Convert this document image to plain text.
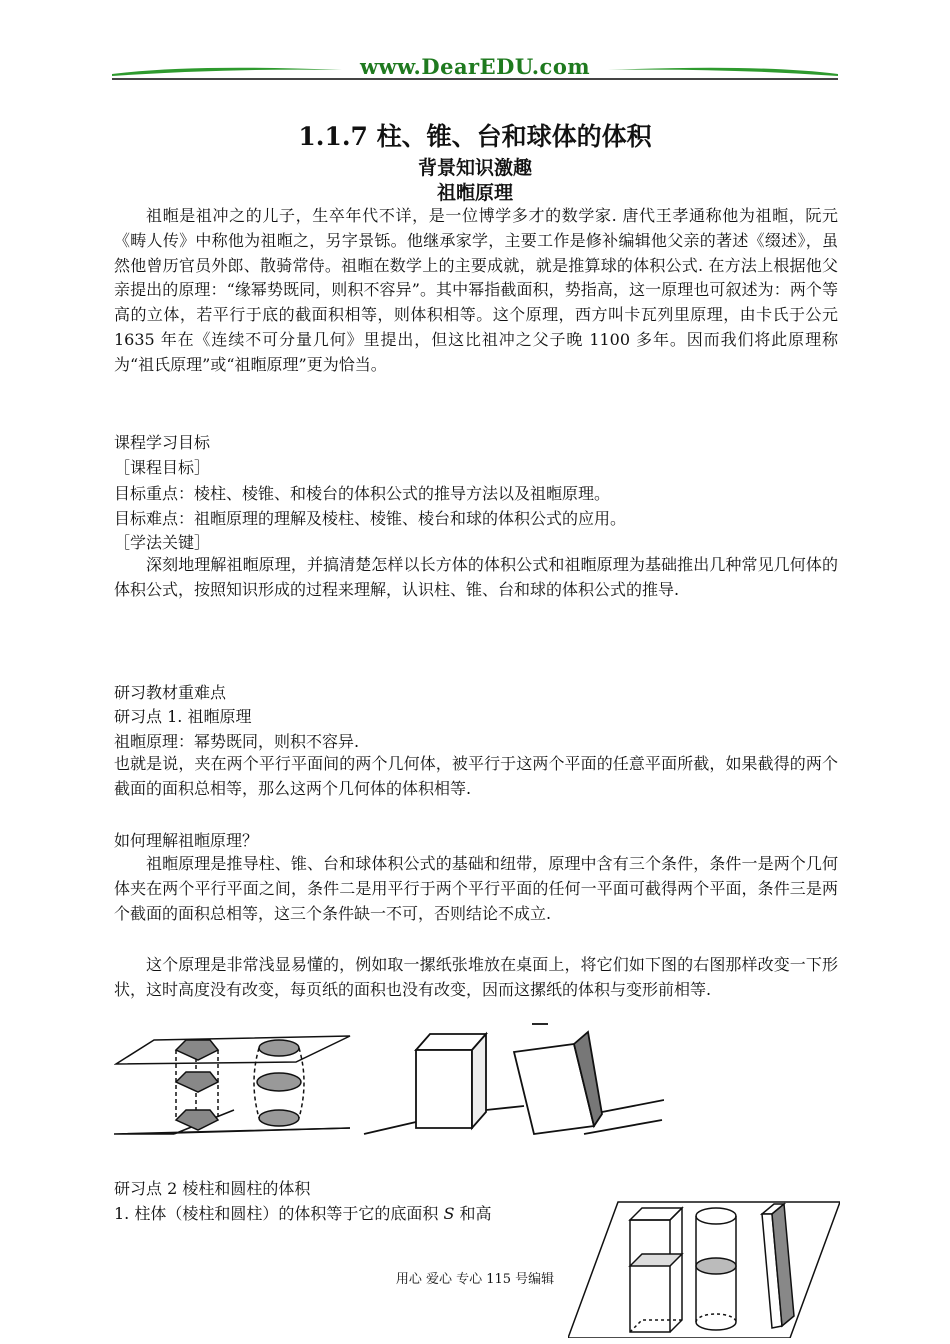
www.DearEDU.com
1.1.7 柱、锥、台和球体的体积
背景知识激趣
祖暅原理
祖暅是祖冲之的儿子，生卒年代不详，是一位博学多才的数学家. 唐代王孝通称他为祖暅，阮元《畴人传》中称他为祖暅之，另字景铄。他继承家学，主要工作是修补编辑他父亲的著述《缀述》，虽然他曾历官员外郎、散骑常侍。祖暅在数学上的主要成就，就是推算球的体积公式. 在方法上根据他父亲提出的原理：“缘幂势既同，则积不容异”。其中幂指截面积，势指高，这一原理也可叙述为：两个等高的立体，若平行于底的截面积相等，则体积相等。这个原理，西方叫卡瓦列里原理，由卡氏于公元 1635 年在《连续不可分量几何》里提出，但这比祖冲之父子晚 1100 多年。因而我们将此原理称为“祖氏原理”或“祖暅原理”更为恰当。
课程学习目标
［课程目标］
目标重点：棱柱、棱锥、和棱台的体积公式的推导方法以及祖暅原理。
目标难点：祖暅原理的理解及棱柱、棱锥、棱台和球的体积公式的应用。
［学法关键］
深刻地理解祖暅原理，并搞清楚怎样以长方体的体积公式和祖暅原理为基础推出几种常见几何体的体积公式，按照知识形成的过程来理解，认识柱、锥、台和球的体积公式的推导.
研习教材重难点
研习点 1. 祖暅原理
祖暅原理：幂势既同，则积不容异.
也就是说，夹在两个平行平面间的两个几何体，被平行于这两个平面的任意平面所截，如果截得的两个截面的面积总相等，那么这两个几何体的体积相等.
如何理解祖暅原理？
祖暅原理是推导柱、锥、台和球体积公式的基础和纽带，原理中含有三个条件，条件一是两个几何体夹在两个平行平面之间，条件二是用平行于两个平行平面的任何一平面可截得两个平面，条件三是两个截面的面积总相等，这三个条件缺一不可，否则结论不成立.
这个原理是非常浅显易懂的，例如取一摞纸张堆放在桌面上，将它们如下图的右图那样改变一下形状，这时高度没有改变，每页纸的面积也没有改变，因而这摞纸的体积与变形前相等.
研习点 2 棱柱和圆柱的体积
1. 柱体（棱柱和圆柱）的体积等于它的底面积 S 和高
用心 爱心 专心 115 号编辑
